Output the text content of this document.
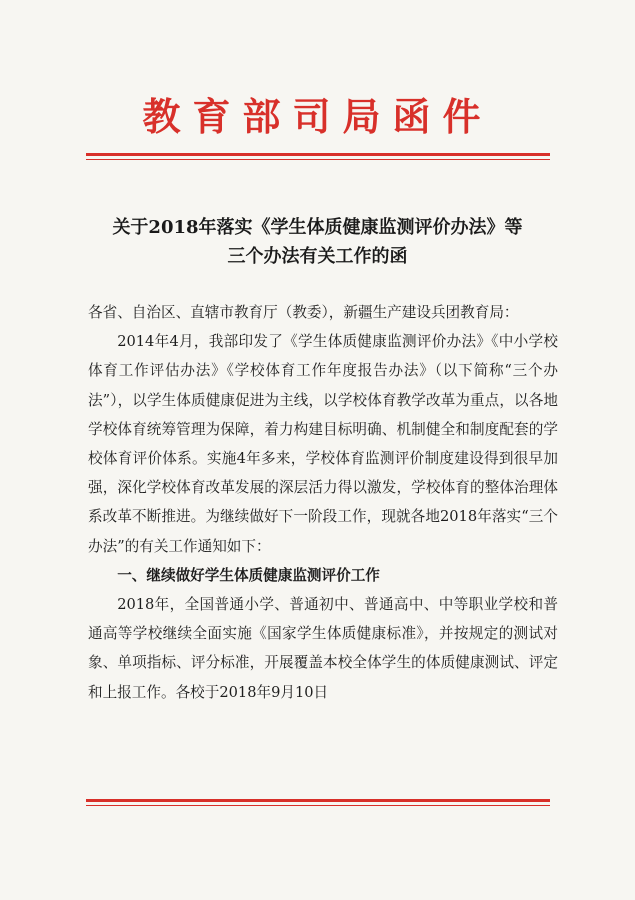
教育部司局函件
关于2018年落实《学生体质健康监测评价办法》等
三个办法有关工作的函

各省、自治区、直辖市教育厅（教委），新疆生产建设兵团教育局：

2014年4月，我部印发了《学生体质健康监测评价办法》《中小学校体育工作评估办法》《学校体育工作年度报告办法》（以下简称“三个办法”），以学生体质健康促进为主线，以学校体育教学改革为重点，以各地学校体育统筹管理为保障，着力构建目标明确、机制健全和制度配套的学校体育评价体系。实施4年多来，学校体育监测评价制度建设得到很早加强，深化学校体育改革发展的深层活力得以激发，学校体育的整体治理体系改革不断推进。为继续做好下一阶段工作，现就各地2018年落实“三个办法”的有关工作通知如下：

一、继续做好学生体质健康监测评价工作

2018年，全国普通小学、普通初中、普通高中、中等职业学校和普通高等学校继续全面实施《国家学生体质健康标准》，并按规定的测试对象、单项指标、评分标准，开展覆盖本校全体学生的体质健康测试、评定和上报工作。各校于2018年9月10日
